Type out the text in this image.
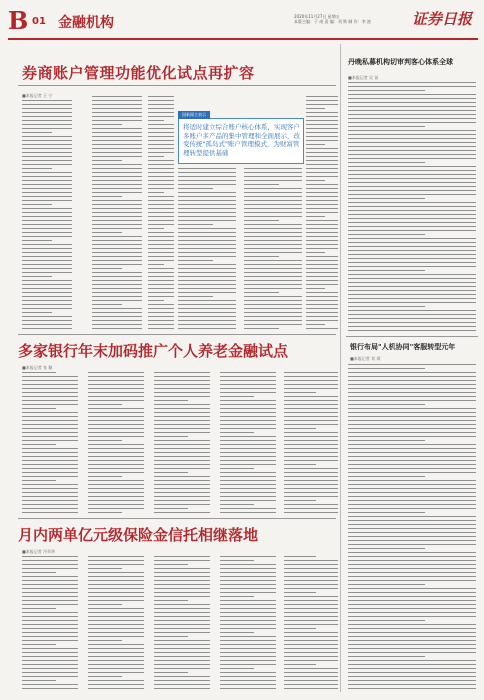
B 01 金融机构	2020年11月27日 星期五
本版主编：于 南 责 编：刘 斯 制 作：李 波	证券日报
券商账户管理功能优化试点再扩容
■本报记者 王 宁
国新闻主表示
将适时建立综合账户核心体系，实现客户多账户多产品的集中管理和全面展示，改变传统"孤岛式"账户管理模式，为财富管理转型提供基础
丹晚私募机构切审判客心体系全球
■本报记者 吴 苗
银行布局"人机协同"客服转型元年
■本报记者 刘 琪
多家银行年末加码推广个人养老金融试点
■本报记者 张 颖
月内两单亿元级保险金信托相继落地
■本报记者 冷翠华
